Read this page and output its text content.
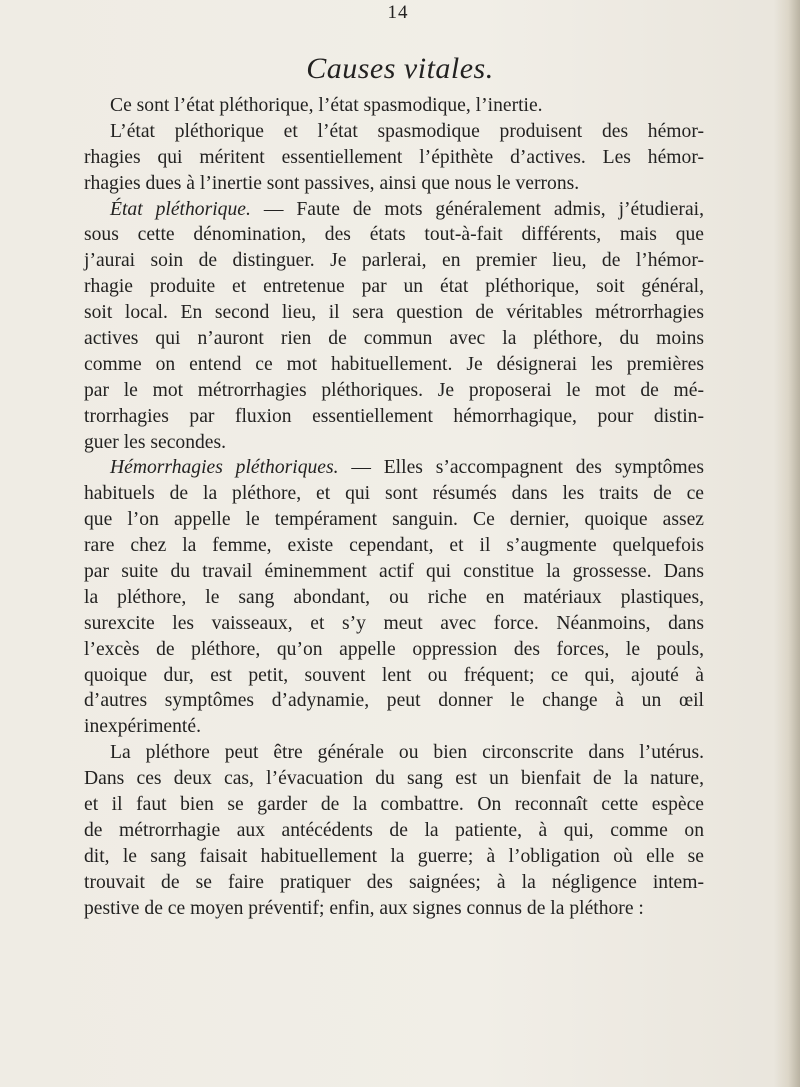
14
Causes vitales.
Ce sont l’état pléthorique, l’état spasmodique, l’inertie.
L’état pléthorique et l’état spasmodique produisent des hémor-
rhagies qui méritent essentiellement l’épithète d’actives. Les hémor-
rhagies dues à l’inertie sont passives, ainsi que nous le verrons.
État pléthorique. — Faute de mots généralement admis, j’étudierai,
sous cette dénomination, des états tout-à-fait différents, mais que
j’aurai soin de distinguer. Je parlerai, en premier lieu, de l’hémor-
rhagie produite et entretenue par un état pléthorique, soit général,
soit local. En second lieu, il sera question de véritables métrorrhagies
actives qui n’auront rien de commun avec la pléthore, du moins
comme on entend ce mot habituellement. Je désignerai les premières
par le mot métrorrhagies pléthoriques. Je proposerai le mot de mé-
trorrhagies par fluxion essentiellement hémorrhagique, pour distin-
guer les secondes.
Hémorrhagies pléthoriques. — Elles s’accompagnent des symptômes
habituels de la pléthore, et qui sont résumés dans les traits de ce
que l’on appelle le tempérament sanguin. Ce dernier, quoique assez
rare chez la femme, existe cependant, et il s’augmente quelquefois
par suite du travail éminemment actif qui constitue la grossesse. Dans
la pléthore, le sang abondant, ou riche en matériaux plastiques,
surexcite les vaisseaux, et s’y meut avec force. Néanmoins, dans
l’excès de pléthore, qu’on appelle oppression des forces, le pouls,
quoique dur, est petit, souvent lent ou fréquent; ce qui, ajouté à
d’autres symptômes d’adynamie, peut donner le change à un œil
inexpérimenté.
La pléthore peut être générale ou bien circonscrite dans l’utérus.
Dans ces deux cas, l’évacuation du sang est un bienfait de la nature,
et il faut bien se garder de la combattre. On reconnaît cette espèce
de métrorrhagie aux antécédents de la patiente, à qui, comme on
dit, le sang faisait habituellement la guerre; à l’obligation où elle se
trouvait de se faire pratiquer des saignées; à la négligence intem-
pestive de ce moyen préventif; enfin, aux signes connus de la pléthore :
